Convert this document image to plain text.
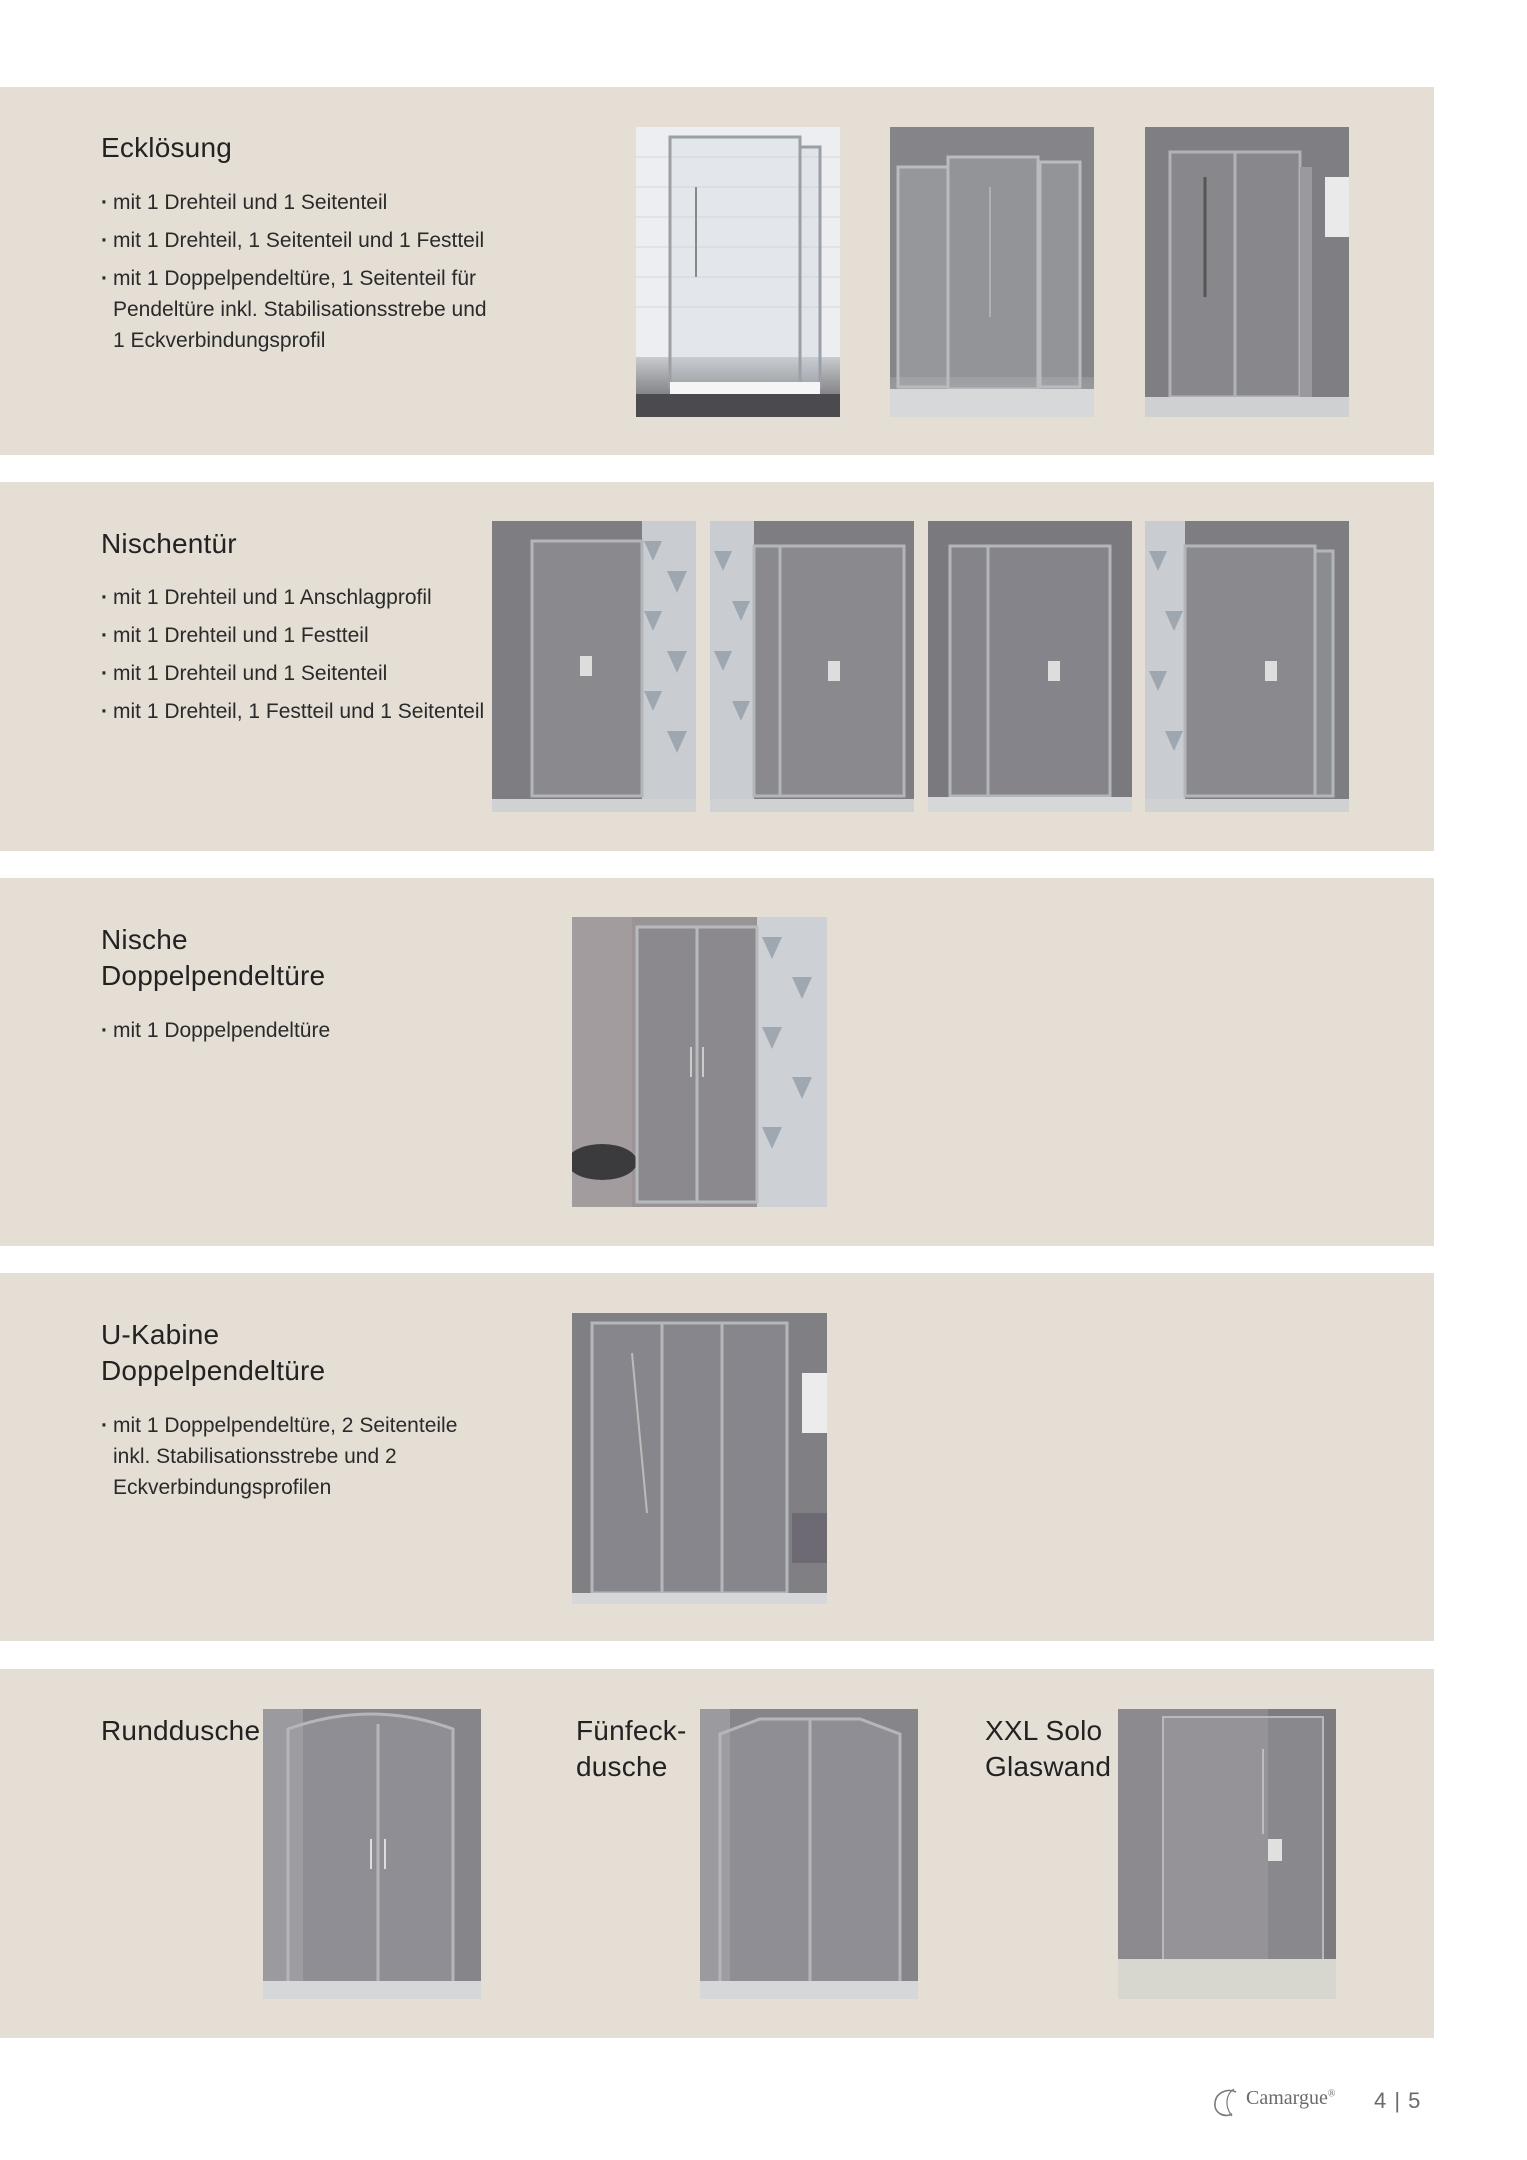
Ecklösung
· mit 1 Drehteil und 1 Seitenteil
· mit 1 Drehteil, 1 Seitenteil und 1 Festteil
· mit 1 Doppelpendeltüre, 1 Seitenteil für Pendeltüre inkl. Stabilisationsstrebe und 1 Eckverbindungsprofil
Nischentür
· mit 1 Drehteil und 1 Anschlagprofil
· mit 1 Drehteil und 1 Festteil
· mit 1 Drehteil und 1 Seitenteil
· mit 1 Drehteil, 1 Festteil und 1 Seitenteil
Nische
Doppelpendeltüre
· mit 1 Doppelpendeltüre
U-Kabine
Doppelpendeltüre
· mit 1 Doppelpendeltüre, 2 Seitenteile inkl. Stabilisationsstrebe und 2 Eckverbindungsprofilen
Rundduschе	Fünfeck-
dusche
XXL Solo
Glaswand
Camargue® 4 | 5
